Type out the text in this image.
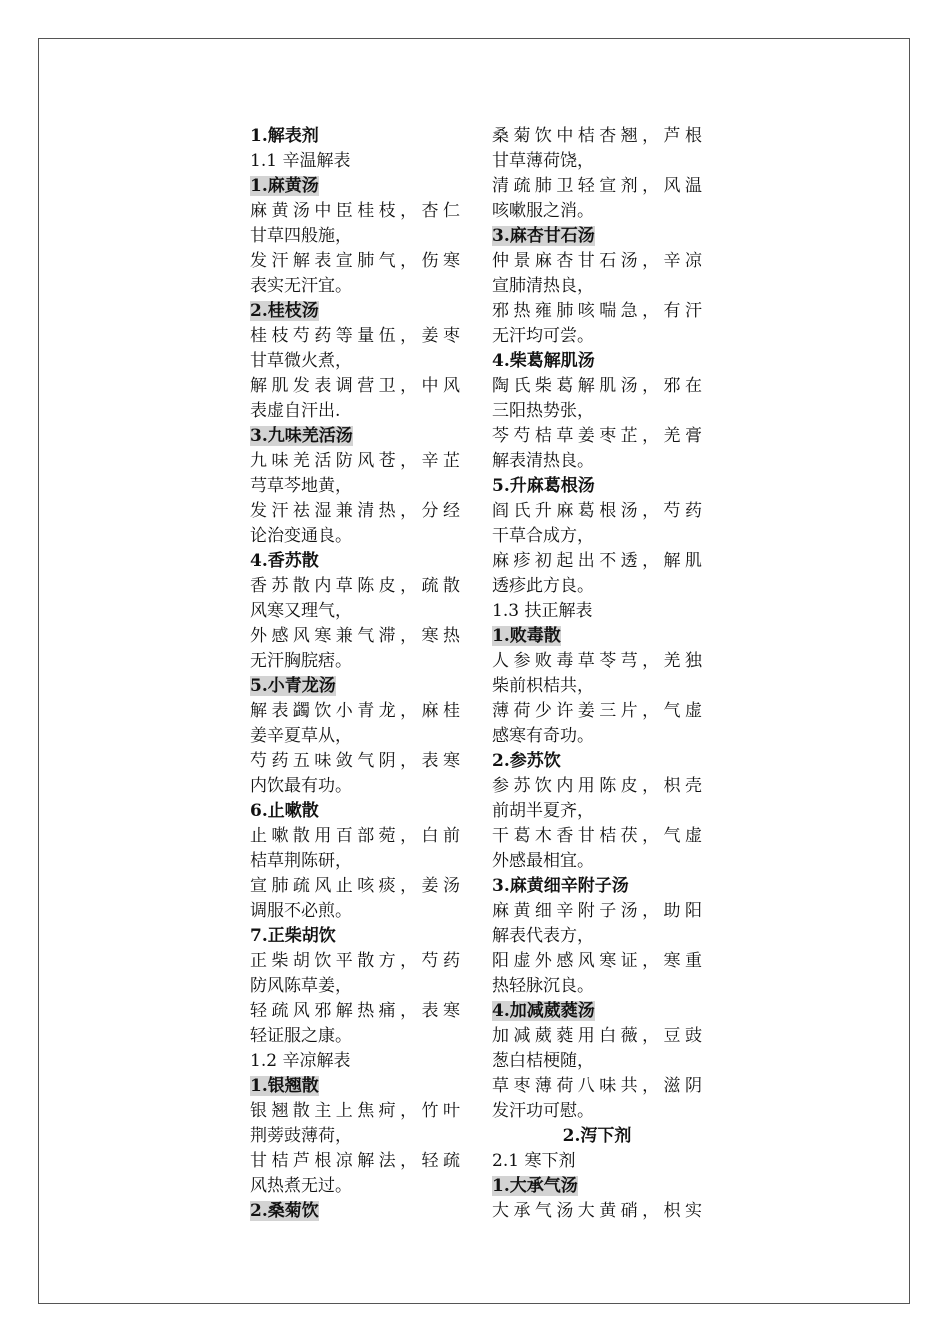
1.解表剂
1.1 辛温解表
1.麻黄汤
麻黄汤中臣桂枝，杏仁
甘草四般施，
发汗解表宣肺气，伤寒
表实无汗宜。
2.桂枝汤
桂枝芍药等量伍，姜枣
甘草微火煮，
解肌发表调营卫，中风
表虚自汗出.
3.九味羌活汤
九味羌活防风苍，辛芷
芎草芩地黄，
发汗祛湿兼清热，分经
论治变通良。
4.香苏散
香苏散内草陈皮，疏散
风寒又理气，
外感风寒兼气滞，寒热
无汗胸脘痞。
5.小青龙汤
解表蠲饮小青龙，麻桂
姜辛夏草从，
芍药五味敛气阴，表寒
内饮最有功。
6.止嗽散
止嗽散用百部菀，白前
桔草荆陈研，
宣肺疏风止咳痰，姜汤
调服不必煎。
7.正柴胡饮
正柴胡饮平散方，芍药
防风陈草姜，
轻疏风邪解热痛，表寒
轻证服之康。
1.2 辛凉解表
1.银翘散
银翘散主上焦疴，竹叶
荆蒡豉薄荷，
甘桔芦根凉解法，轻疏
风热煮无过。
2.桑菊饮
桑菊饮中桔杏翘，芦根
甘草薄荷饶，
清疏肺卫轻宣剂，风温
咳嗽服之消。
3.麻杏甘石汤
仲景麻杏甘石汤，辛凉
宣肺清热良，
邪热雍肺咳喘急，有汗
无汗均可尝。
4.柴葛解肌汤
陶氏柴葛解肌汤，邪在
三阳热势张，
芩芍桔草姜枣芷，羌膏
解表清热良。
5.升麻葛根汤
阎氏升麻葛根汤，芍药
干草合成方，
麻疹初起出不透，解肌
透疹此方良。
1.3 扶正解表
1.败毒散
人参败毒草苓芎，羌独
柴前枳桔共，
薄荷少许姜三片，气虚
感寒有奇功。
2.参苏饮
参苏饮内用陈皮，枳壳
前胡半夏齐，
干葛木香甘桔茯，气虚
外感最相宜。
3.麻黄细辛附子汤
麻黄细辛附子汤，助阳
解表代表方，
阳虚外感风寒证，寒重
热轻脉沉良。
4.加减葳蕤汤
加减葳蕤用白薇，豆豉
葱白桔梗随，
草枣薄荷八味共，滋阴
发汗功可慰。
2.泻下剂
2.1 寒下剂
1.大承气汤
大承气汤大黄硝，枳实
